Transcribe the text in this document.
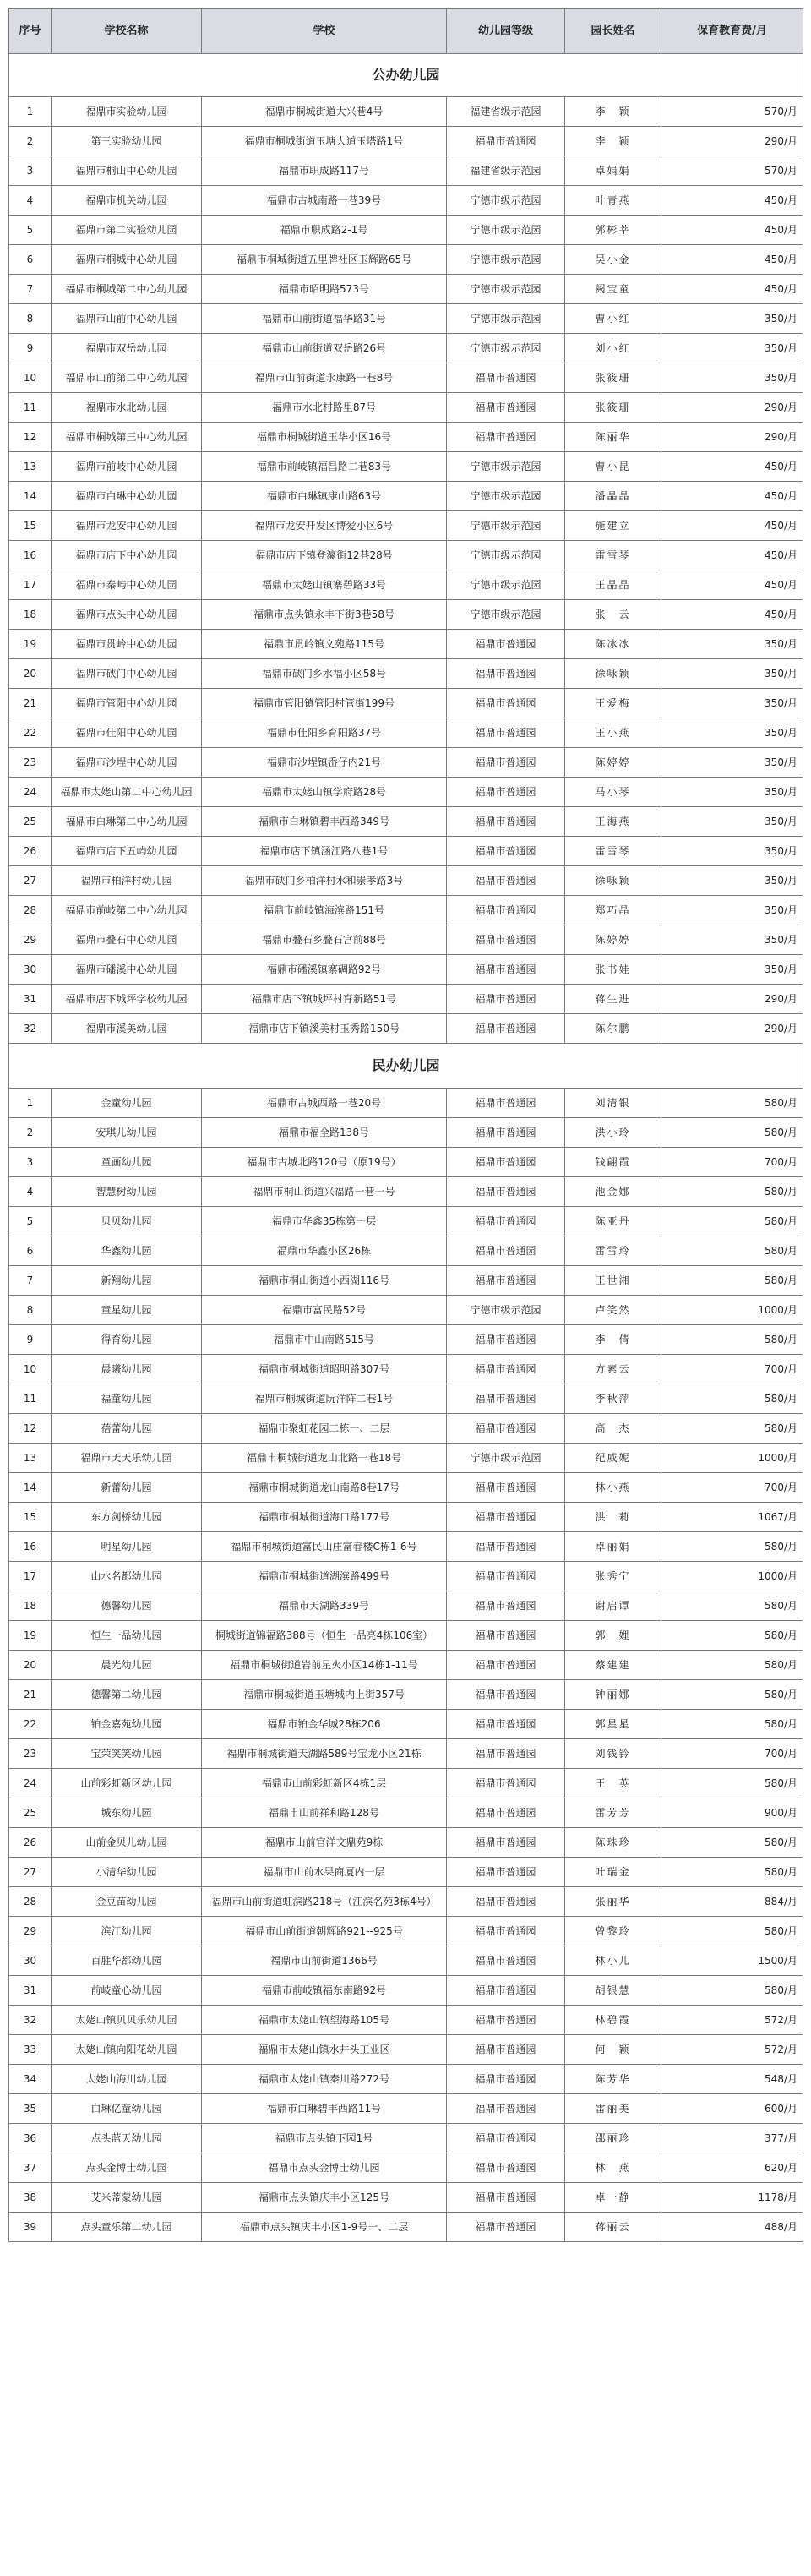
序号	学校名称	学校	幼儿园等级	园长姓名	保育教育费/月
公办幼儿园					
1	福鼎市实验幼儿园	福鼎市桐城街道大兴巷4号	福建省级示范园	李　颖	570/月
2	第三实验幼儿园	福鼎市桐城街道玉塘大道玉塔路1号	福鼎市普通园	李　颖	290/月
3	福鼎市桐山中心幼儿园	福鼎市职成路117号	福建省级示范园	卓娟娟	570/月
4	福鼎市机关幼儿园	福鼎市古城南路一巷39号	宁德市级示范园	叶青燕	450/月
5	福鼎市第二实验幼儿园	福鼎市职成路2-1号	宁德市级示范园	郭彬莘	450/月
6	福鼎市桐城中心幼儿园	福鼎市桐城街道五里牌社区玉辉路65号	宁德市级示范园	吴小金	450/月
7	福鼎市桐城第二中心幼儿园	福鼎市昭明路573号	宁德市级示范园	阙宝童	450/月
8	福鼎市山前中心幼儿园	福鼎市山前街道福华路31号	宁德市级示范园	曹小红	350/月
9	福鼎市双岳幼儿园	福鼎市山前街道双岳路26号	宁德市级示范园	刘小红	350/月
10	福鼎市山前第二中心幼儿园	福鼎市山前街道永康路一巷8号	福鼎市普通园	张筱珊	350/月
11	福鼎市水北幼儿园	福鼎市水北村路里87号	福鼎市普通园	张筱珊	290/月
12	福鼎市桐城第三中心幼儿园	福鼎市桐城街道玉华小区16号	福鼎市普通园	陈丽华	290/月
13	福鼎市前岐中心幼儿园	福鼎市前岐镇福昌路二巷83号	宁德市级示范园	曹小昆	450/月
14	福鼎市白琳中心幼儿园	福鼎市白琳镇康山路63号	宁德市级示范园	潘晶晶	450/月
15	福鼎市龙安中心幼儿园	福鼎市龙安开发区博爱小区6号	宁德市级示范园	施建立	450/月
16	福鼎市店下中心幼儿园	福鼎市店下镇登瀛街12巷28号	宁德市级示范园	雷雪琴	450/月
17	福鼎市秦屿中心幼儿园	福鼎市太姥山镇寨碧路33号	宁德市级示范园	王晶晶	450/月
18	福鼎市点头中心幼儿园	福鼎市点头镇永丰下街3巷58号	宁德市级示范园	张　云	450/月
19	福鼎市贯岭中心幼儿园	福鼎市贯岭镇文苑路115号	福鼎市普通园	陈冰冰	350/月
20	福鼎市硖门中心幼儿园	福鼎市硖门乡水福小区58号	福鼎市普通园	徐咏颖	350/月
21	福鼎市管阳中心幼儿园	福鼎市管阳镇管阳村管街199号	福鼎市普通园	王爱梅	350/月
22	福鼎市佳阳中心幼儿园	福鼎市佳阳乡育阳路37号	福鼎市普通园	王小燕	350/月
23	福鼎市沙埕中心幼儿园	福鼎市沙埕镇岙仔内21号	福鼎市普通园	陈婷婷	350/月
24	福鼎市太姥山第二中心幼儿园	福鼎市太姥山镇学府路28号	福鼎市普通园	马小琴	350/月
25	福鼎市白琳第二中心幼儿园	福鼎市白琳镇碧丰西路349号	福鼎市普通园	王海燕	350/月
26	福鼎市店下五屿幼儿园	福鼎市店下镇涵江路八巷1号	福鼎市普通园	雷雪琴	350/月
27	福鼎市柏洋村幼儿园	福鼎市硖门乡柏洋村水和崇孝路3号	福鼎市普通园	徐咏颖	350/月
28	福鼎市前岐第二中心幼儿园	福鼎市前岐镇海滨路151号	福鼎市普通园	郑巧晶	350/月
29	福鼎市叠石中心幼儿园	福鼎市叠石乡叠石宫前88号	福鼎市普通园	陈婷婷	350/月
30	福鼎市磻溪中心幼儿园	福鼎市磻溪镇寨碉路92号	福鼎市普通园	张书娃	350/月
31	福鼎市店下城坪学校幼儿园	福鼎市店下镇城坪村育新路51号	福鼎市普通园	蒋生进	290/月
32	福鼎市溪美幼儿园	福鼎市店下镇溪美村玉秀路150号	福鼎市普通园	陈尔鹏	290/月
民办幼儿园					
1	金童幼儿园	福鼎市古城西路一巷20号	福鼎市普通园	刘清银	580/月
2	安琪儿幼儿园	福鼎市福全路138号	福鼎市普通园	洪小玲	580/月
3	童画幼儿园	福鼎市古城北路120号（原19号）	福鼎市普通园	钱翩霞	700/月
4	智慧树幼儿园	福鼎市桐山街道兴福路一巷一号	福鼎市普通园	池金娜	580/月
5	贝贝幼儿园	福鼎市华鑫35栋第一层	福鼎市普通园	陈亚丹	580/月
6	华鑫幼儿园	福鼎市华鑫小区26栋	福鼎市普通园	雷雪玲	580/月
7	新翔幼儿园	福鼎市桐山街道小西湖116号	福鼎市普通园	王世湘	580/月
8	童星幼儿园	福鼎市富民路52号	宁德市级示范园	卢笑然	1000/月
9	得育幼儿园	福鼎市中山南路515号	福鼎市普通园	李　倩	580/月
10	晨曦幼儿园	福鼎市桐城街道昭明路307号	福鼎市普通园	方素云	700/月
11	福童幼儿园	福鼎市桐城街道阮洋阵二巷1号	福鼎市普通园	李秋萍	580/月
12	蓓蕾幼儿园	福鼎市聚虹花园二栋一、二层	福鼎市普通园	高　杰	580/月
13	福鼎市天天乐幼儿园	福鼎市桐城街道龙山北路一巷18号	宁德市级示范园	纪威妮	1000/月
14	新蕾幼儿园	福鼎市桐城街道龙山南路8巷17号	福鼎市普通园	林小燕	700/月
15	东方剑桥幼儿园	福鼎市桐城街道海口路177号	福鼎市普通园	洪　莉	1067/月
16	明星幼儿园	福鼎市桐城街道富民山庄富春楼C栋1-6号	福鼎市普通园	卓丽娟	580/月
17	山水名都幼儿园	福鼎市桐城街道湖滨路499号	福鼎市普通园	张秀宁	1000/月
18	德馨幼儿园	福鼎市天湖路339号	福鼎市普通园	谢启谭	580/月
19	恒生一品幼儿园	桐城街道锦福路388号（恒生一品亮4栋106室）	福鼎市普通园	郭　娌	580/月
20	晨光幼儿园	福鼎市桐城街道岩前星火小区14栋1-11号	福鼎市普通园	蔡建建	580/月
21	德馨第二幼儿园	福鼎市桐城街道玉塘城内上街357号	福鼎市普通园	钟丽娜	580/月
22	铂金嘉苑幼儿园	福鼎市铂金华城28栋206	福鼎市普通园	郭星星	580/月
23	宝荣笑笑幼儿园	福鼎市桐城街道天湖路589号宝龙小区21栋	福鼎市普通园	刘钱钤	700/月
24	山前彩虹新区幼儿园	福鼎市山前彩虹新区4栋1层	福鼎市普通园	王　英	580/月
25	城东幼儿园	福鼎市山前祥和路128号	福鼎市普通园	雷芳芳	900/月
26	山前金贝儿幼儿园	福鼎市山前官洋文鼎苑9栋	福鼎市普通园	陈珠珍	580/月
27	小清华幼儿园	福鼎市山前水果商厦内一层	福鼎市普通园	叶瑞金	580/月
28	金豆苗幼儿园	福鼎市山前街道虹滨路218号（江滨名苑3栋4号）	福鼎市普通园	张丽华	884/月
29	滨江幼儿园	福鼎市山前街道朝辉路921--925号	福鼎市普通园	曾黎玲	580/月
30	百胜华都幼儿园	福鼎市山前街道1366号	福鼎市普通园	林小儿	1500/月
31	前岐童心幼儿园	福鼎市前岐镇福东南路92号	福鼎市普通园	胡银慧	580/月
32	太姥山镇贝贝乐幼儿园	福鼎市太姥山镇望海路105号	福鼎市普通园	林碧霞	572/月
33	太姥山镇向阳花幼儿园	福鼎市太姥山镇水井头工业区	福鼎市普通园	何　颖	572/月
34	太姥山海川幼儿园	福鼎市太姥山镇秦川路272号	福鼎市普通园	陈芳华	548/月
35	白琳亿童幼儿园	福鼎市白琳碧丰西路11号	福鼎市普通园	雷丽美	600/月
36	点头蓝天幼儿园	福鼎市点头镇下园1号	福鼎市普通园	邵丽珍	377/月
37	点头金博士幼儿园	福鼎市点头金博士幼儿园	福鼎市普通园	林　燕	620/月
38	艾米蒂蒙幼儿园	福鼎市点头镇庆丰小区125号	福鼎市普通园	卓一静	1178/月
39	点头童乐第二幼儿园	福鼎市点头镇庆丰小区1-9号一、二层	福鼎市普通园	蒋丽云	488/月
